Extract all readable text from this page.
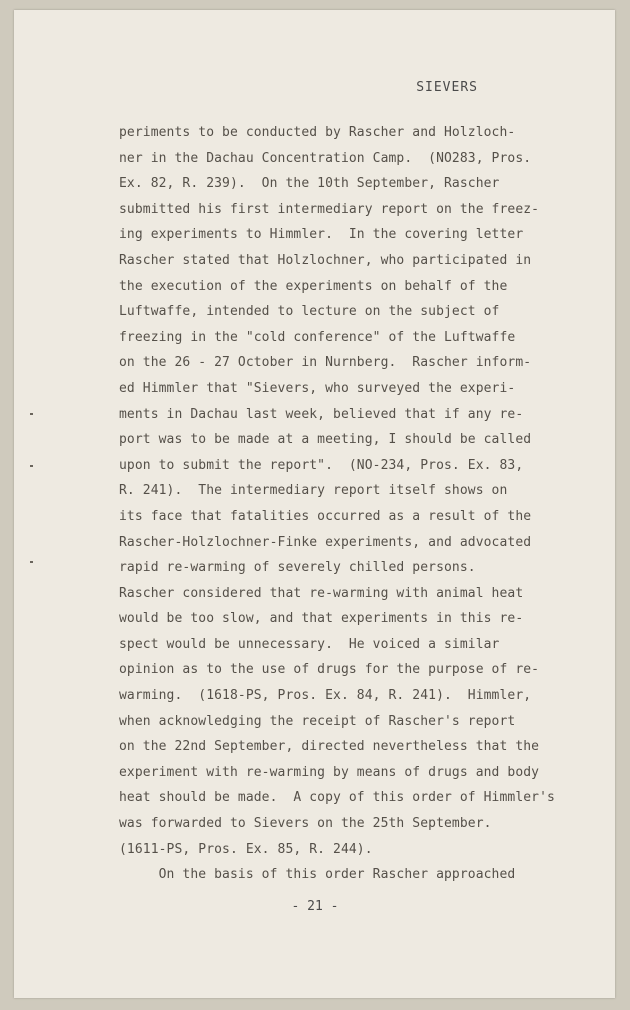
SIEVERS
periments to be conducted by Rascher and Holzloch-
ner in the Dachau Concentration Camp.  (NO283, Pros.
Ex. 82, R. 239).  On the 10th September, Rascher
submitted his first intermediary report on the freez-
ing experiments to Himmler.  In the covering letter
Rascher stated that Holzlochner, who participated in
the execution of the experiments on behalf of the
Luftwaffe, intended to lecture on the subject of
freezing in the "cold conference" of the Luftwaffe
on the 26 - 27 October in Nurnberg.  Rascher inform-
ed Himmler that "Sievers, who surveyed the experi-
ments in Dachau last week, believed that if any re-
port was to be made at a meeting, I should be called
upon to submit the report".  (NO-234, Pros. Ex. 83,
R. 241).  The intermediary report itself shows on
its face that fatalities occurred as a result of the
Rascher-Holzlochner-Finke experiments, and advocated
rapid re-warming of severely chilled persons.
Rascher considered that re-warming with animal heat
would be too slow, and that experiments in this re-
spect would be unnecessary.  He voiced a similar
opinion as to the use of drugs for the purpose of re-
warming.  (1618-PS, Pros. Ex. 84, R. 241).  Himmler,
when acknowledging the receipt of Rascher's report
on the 22nd September, directed nevertheless that the
experiment with re-warming by means of drugs and body
heat should be made.  A copy of this order of Himmler's
was forwarded to Sievers on the 25th September.
(1611-PS, Pros. Ex. 85, R. 244).
On the basis of this order Rascher approached
- 21 -
